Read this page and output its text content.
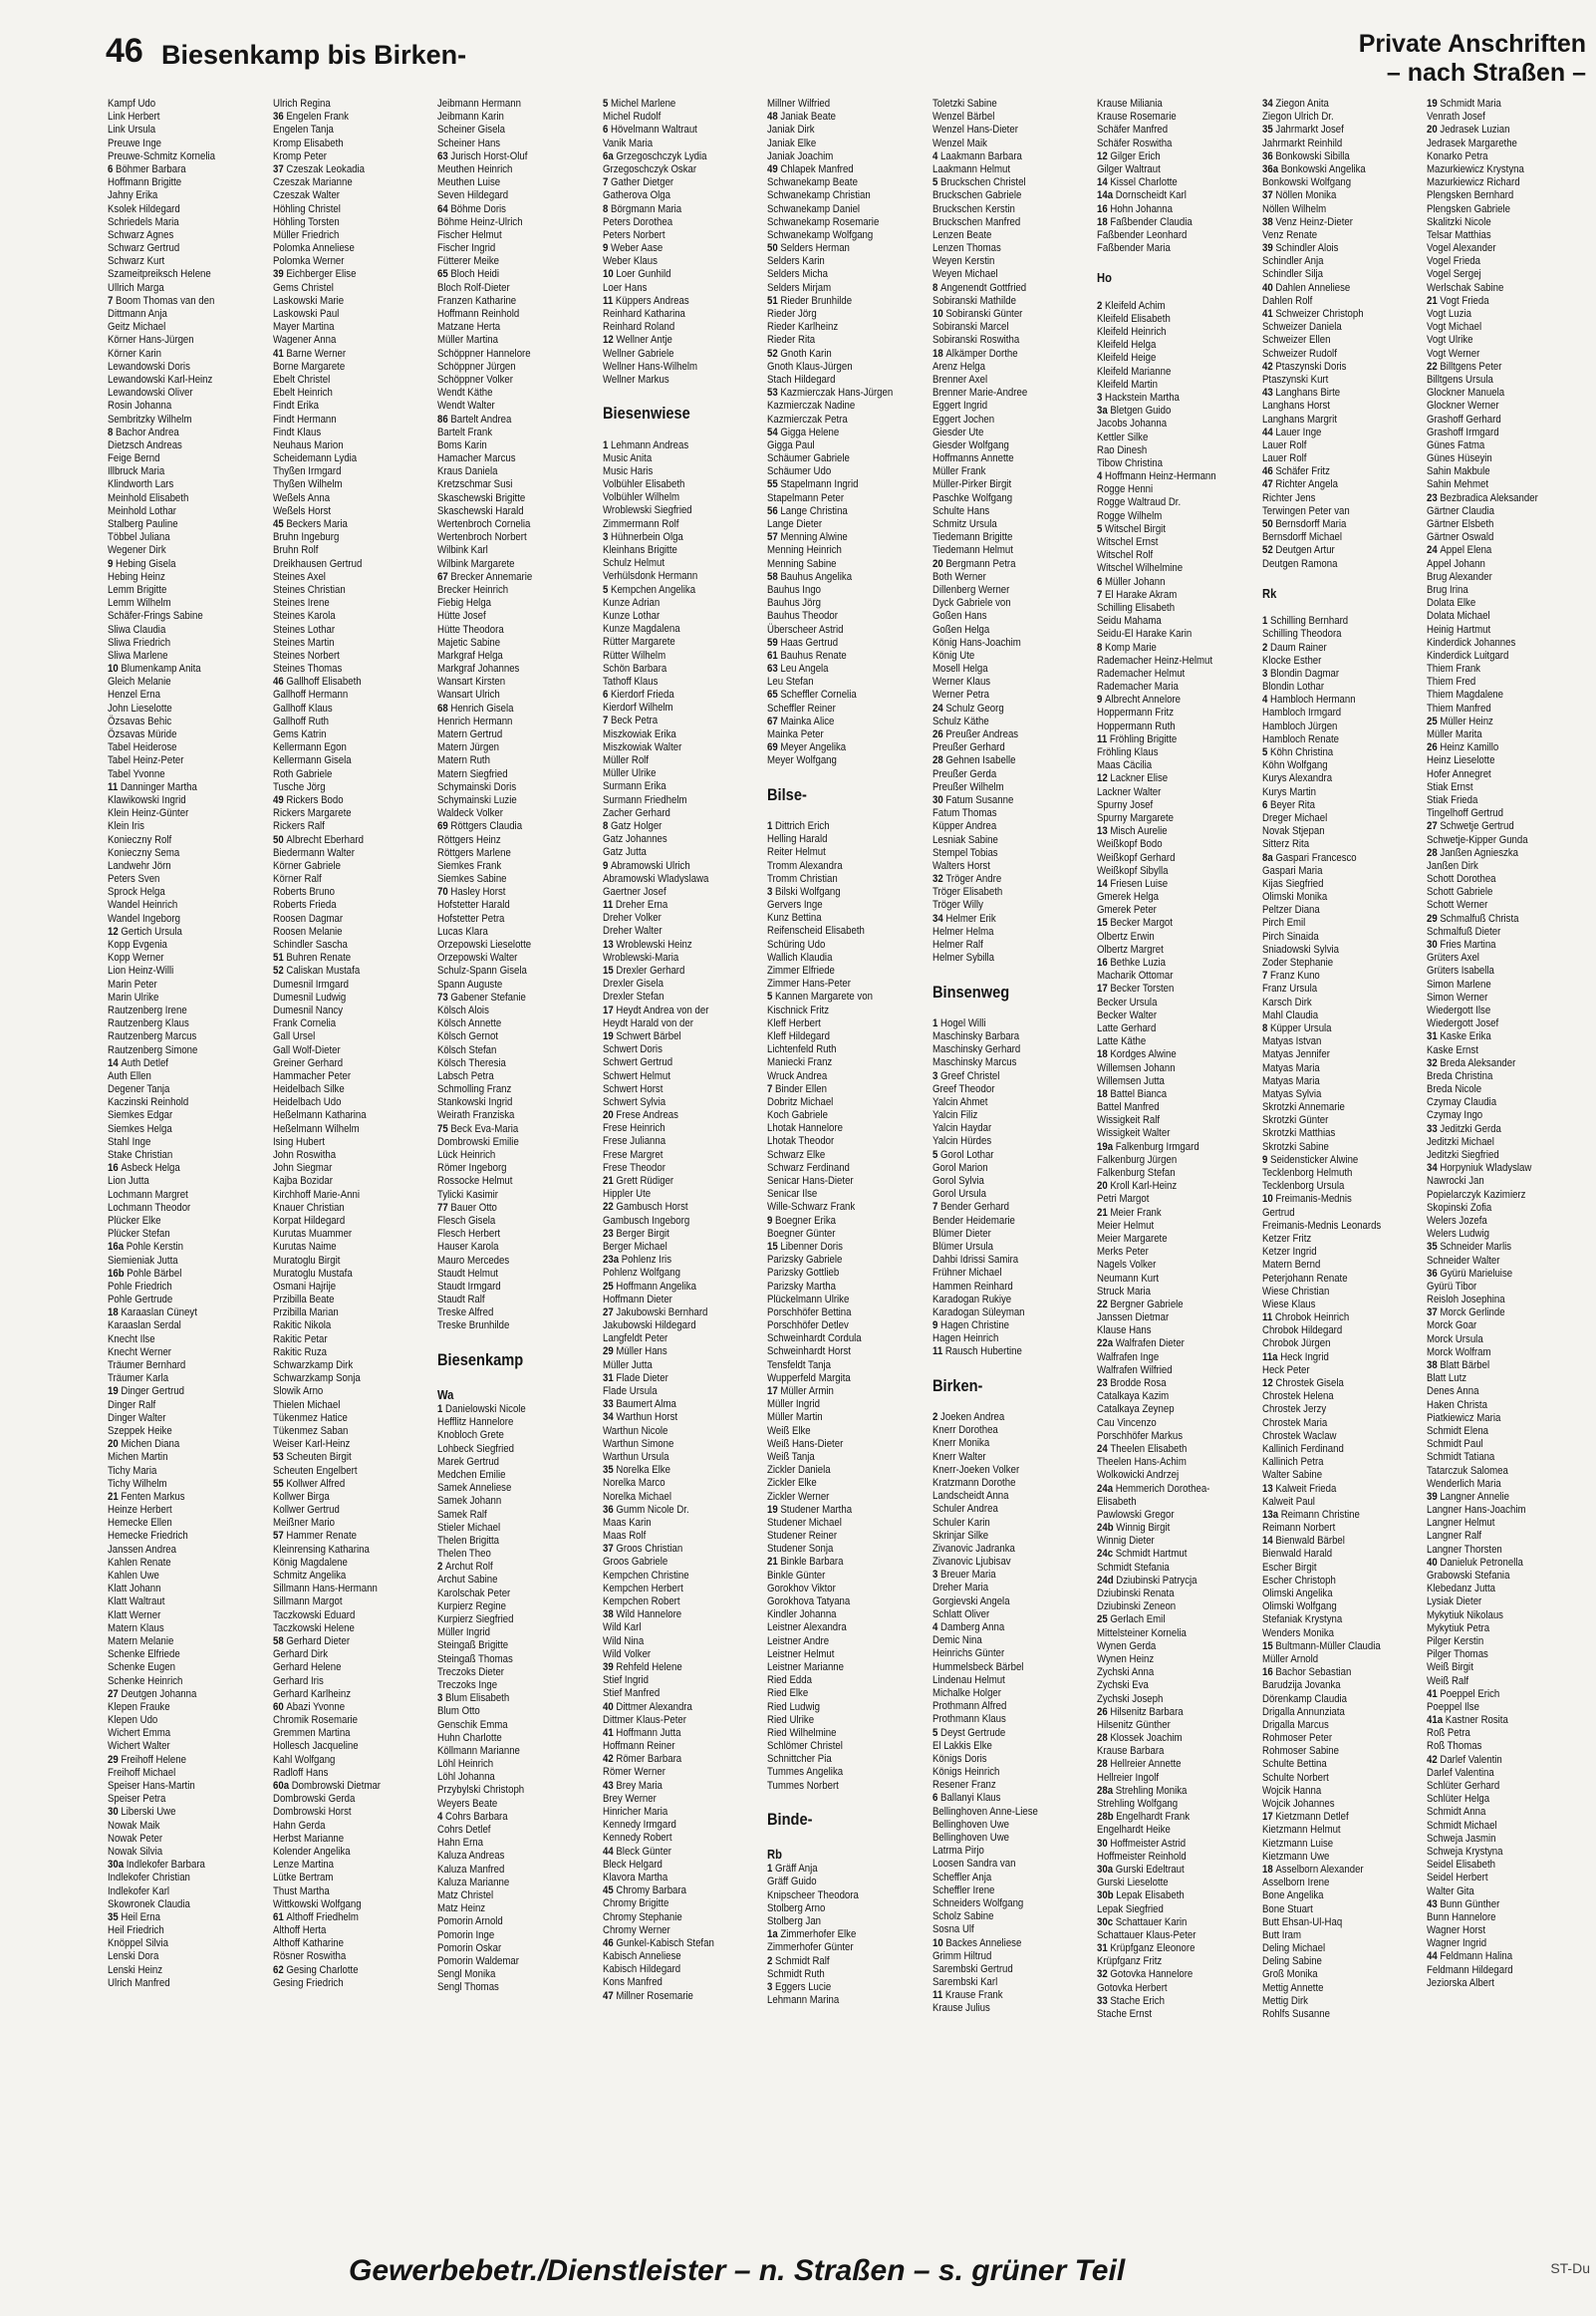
46 Biesenkamp bis Birken-	Private Anschriften
– nach Straßen –
Kampf Udo
Link Herbert
Link Ursula
Preuwe Inge
Preuwe-Schmitz Kornelia
6 Böhmer Barbara
Hoffmann Brigitte
Jahny Erika
Ksolek Hildegard
Schriedels Maria
Schwarz Agnes
Schwarz Gertrud
Schwarz Kurt
Szameitpreiksch Helene
Ullrich Marga
7 Boom Thomas van den
Dittmann Anja
Geitz Michael
Körner Hans-Jürgen
Körner Karin
Lewandowski Doris
Lewandowski Karl-Heinz
Lewandowski Oliver
Rosin Johanna
Sembritzky Wilhelm
8 Bachor Andrea
Dietzsch Andreas
Feige Bernd
Illbruck Maria
Klindworth Lars
Meinhold Elisabeth
Meinhold Lothar
Stalberg Pauline
Többel Juliana
Wegener Dirk
9 Hebing Gisela
Hebing Heinz
Lemm Brigitte
Lemm Wilhelm
Schäfer-Frings Sabine
Sliwa Claudia
Sliwa Friedrich
Sliwa Marlene
10 Blumenkamp Anita
Gleich Melanie
Henzel Erna
John Lieselotte
Özsavas Behic
Özsavas Müride
Tabel Heiderose
Tabel Heinz-Peter
Tabel Yvonne
11 Danninger Martha
Klawikowski Ingrid
Klein Heinz-Günter
Klein Iris
Konieczny Rolf
Konieczny Sema
Landwehr Jörn
Peters Sven
Sprock Helga
Wandel Heinrich
Wandel Ingeborg
12 Gertich Ursula
Kopp Evgenia
Kopp Werner
Lion Heinz-Willi
Marin Peter
Marin Ulrike
Rautzenberg Irene
Rautzenberg Klaus
Rautzenberg Marcus
Rautzenberg Simone
14 Auth Detlef
Auth Ellen
Degener Tanja
Kaczinski Reinhold
Siemkes Edgar
Siemkes Helga
Stahl Inge
Stake Christian
16 Asbeck Helga
Lion Jutta
Lochmann Margret
Lochmann Theodor
Plücker Elke
Plücker Stefan
16a Pohle Kerstin
Siemieniak Jutta
16b Pohle Bärbel
Pohle Friedrich
Pohle Gertrude
18 Karaaslan Cüneyt
Karaaslan Serdal
Knecht Ilse
Knecht Werner
Träumer Bernhard
Träumer Karla
19 Dinger Gertrud
Dinger Ralf
Dinger Walter
Szeppek Heike
20 Michen Diana
Michen Martin
Tichy Maria
Tichy Wilhelm
21 Fenten Markus
Heinze Herbert
Hemecke Ellen
Hemecke Friedrich
Janssen Andrea
Kahlen Renate
Kahlen Uwe
Klatt Johann
Klatt Waltraut
Klatt Werner
Matern Klaus
Matern Melanie
Schenke Elfriede
Schenke Eugen
Schenke Heinrich
27 Deutgen Johanna
Klepen Frauke
Klepen Udo
Wichert Emma
Wichert Walter
29 Freihoff Helene
Freihoff Michael
Speiser Hans-Martin
Speiser Petra
30 Liberski Uwe
Nowak Maik
Nowak Peter
Nowak Silvia
30a Indlekofer Barbara
Indlekofer Christian
Indlekofer Karl
Skowronek Claudia
35 Heil Erna
Heil Friedrich
Knöppel Silvia
Lenski Dora
Lenski Heinz
Ulrich Manfred
Ulrich Regina
36 Engelen Frank
Engelen Tanja
Kromp Elisabeth
Kromp Peter
37 Czeszak Leokadia
Czeszak Marianne
Czeszak Walter
Höhling Christel
Höhling Torsten
Müller Friedrich
Polomka Anneliese
Polomka Werner
39 Eichberger Elise
Gems Christel
Laskowski Marie
Laskowski Paul
Mayer Martina
Wagener Anna
41 Barne Werner
Borne Margarete
Ebelt Christel
Ebelt Heinrich
Findt Erika
Findt Hermann
Findt Klaus
Neuhaus Marion
Scheidemann Lydia
Thyßen Irmgard
Thyßen Wilhelm
Weßels Anna
Weßels Horst
45 Beckers Maria
Bruhn Ingeburg
Bruhn Rolf
Dreikhausen Gertrud
Steines Axel
Steines Christian
Steines Irene
Steines Karola
Steines Lothar
Steines Martin
Steines Norbert
Steines Thomas
46 Gallhoff Elisabeth
Gallhoff Hermann
Gallhoff Klaus
Gallhoff Ruth
Gems Katrin
Kellermann Egon
Kellermann Gisela
Roth Gabriele
Tusche Jörg
49 Rickers Bodo
Rickers Margarete
Rickers Ralf
50 Albrecht Eberhard
Biedermann Walter
Körner Gabriele
Körner Ralf
Roberts Bruno
Roberts Frieda
Roosen Dagmar
Roosen Melanie
Schindler Sascha
51 Buhren Renate
52 Caliskan Mustafa
Dumesnil Irmgard
Dumesnil Ludwig
Dumesnil Nancy
Frank Cornelia
Gall Ursel
Gall Wolf-Dieter
Greiner Gerhard
Hammacher Peter
Heidelbach Silke
Heidelbach Udo
Heßelmann Katharina
Heßelmann Wilhelm
Ising Hubert
John Roswitha
John Siegmar
Kajba Bozidar
Kirchhoff Marie-Anni
Knauer Christian
Korpat Hildegard
Kurutas Muammer
Kurutas Naime
Muratoglu Birgit
Muratoglu Mustafa
Osmani Hajrije
Przibilla Beate
Przibilla Marian
Rakitic Nikola
Rakitic Petar
Rakitic Ruza
Schwarzkamp Dirk
Schwarzkamp Sonja
Slowik Arno
Thielen Michael
Tükenmez Hatice
Tükenmez Saban
Weiser Karl-Heinz
53 Scheuten Birgit
Scheuten Engelbert
55 Kollwer Alfred
Kollwer Birga
Kollwer Gertrud
Meißner Mario
57 Hammer Renate
Kleinrensing Katharina
König Magdalene
Schmitz Angelika
Sillmann Hans-Hermann
Sillmann Margot
Taczkowski Eduard
Taczkowski Helene
58 Gerhard Dieter
Gerhard Dirk
Gerhard Helene
Gerhard Iris
Gerhard Karlheinz
60 Abazi Yvonne
Chromik Rosemarie
Gremmen Martina
Hollesch Jacqueline
Kahl Wolfgang
Radloff Hans
60a Dombrowski Dietmar
Dombrowski Gerda
Dombrowski Horst
Hahn Gerda
Herbst Marianne
Kolender Angelika
Lenze Martina
Lütke Bertram
Thust Martha
Wittkowski Wolfgang
61 Althoff Friedhelm
Althoff Herta
Althoff Katharine
Rösner Roswitha
62 Gesing Charlotte
Gesing Friedrich
Jeibmann Hermann
Jeibmann Karin
Scheiner Gisela
Scheiner Hans
63 Jurisch Horst-Oluf
Meuthen Heinrich
Meuthen Luise
Seven Hildegard
64 Böhme Doris
Böhme Heinz-Ulrich
Fischer Helmut
Fischer Ingrid
Fütterer Meike
65 Bloch Heidi
Bloch Rolf-Dieter
Franzen Katharine
Hoffmann Reinhold
Matzane Herta
Müller Martina
Schöppner Hannelore
Schöppner Jürgen
Schöppner Volker
Wendt Käthe
Wendt Walter
86 Bartelt Andrea
Bartelt Frank
Boms Karin
Hamacher Marcus
Kraus Daniela
Kretzschmar Susi
Skaschewski Brigitte
Skaschewski Harald
Wertenbroch Cornelia
Wertenbroch Norbert
Wilbink Karl
Wilbink Margarete
67 Brecker Annemarie
Brecker Heinrich
Fiebig Helga
Hütte Josef
Hütte Theodora
Majetic Sabine
Markgraf Helga
Markgraf Johannes
Wansart Kirsten
Wansart Ulrich
68 Henrich Gisela
Henrich Hermann
Matern Gertrud
Matern Jürgen
Matern Ruth
Matern Siegfried
Schymainski Doris
Schymainski Luzie
Waldeck Volker
69 Röttgers Claudia
Röttgers Heinz
Röttgers Marlene
Siemkes Frank
Siemkes Sabine
70 Hasley Horst
Hofstetter Harald
Hofstetter Petra
Lucas Klara
Orzepowski Lieselotte
Orzepowski Walter
Schulz-Spann Gisela
Spann Auguste
73 Gabener Stefanie
Kölsch Alois
Kölsch Annette
Kölsch Gernot
Kölsch Stefan
Kölsch Theresia
Labsch Petra
Schmolling Franz
Stankowski Ingrid
Weirath Franziska
75 Beck Eva-Maria
Dombrowski Emilie
Lück Heinrich
Römer Ingeborg
Rossocke Helmut
Tylicki Kasimir
77 Bauer Otto
Flesch Gisela
Flesch Herbert
Hauser Karola
Mauro Mercedes
Staudt Helmut
Staudt Irmgard
Staudt Ralf
Treske Alfred
Treske Brunhilde
Biesenkamp
Wa
1 Danielowski Nicole
Hefflitz Hannelore
Knobloch Grete
Lohbeck Siegfried
Marek Gertrud
Medchen Emilie
Samek Anneliese
Samek Johann
Samek Ralf
Stieler Michael
Thelen Brigitta
Thelen Theo
2 Archut Rolf
Archut Sabine
Karolschak Peter
Kurpierz Regine
Kurpierz Siegfried
Müller Ingrid
Steingaß Brigitte
Steingaß Thomas
Treczoks Dieter
Treczoks Inge
3 Blum Elisabeth
Blum Otto
Genschik Emma
Huhn Charlotte
Köllmann Marianne
Löhl Heinrich
Löhl Johanna
Przybylski Christoph
Weyers Beate
4 Cohrs Barbara
Cohrs Detlef
Hahn Erna
Kaluza Andreas
Kaluza Manfred
Kaluza Marianne
Matz Christel
Matz Heinz
Pomorin Arnold
Pomorin Inge
Pomorin Oskar
Pomorin Waldemar
Sengl Monika
Sengl Thomas
5 Michel Marlene
Michel Rudolf
6 Hövelmann Waltraut
Vanik Maria
6a Grzegoschczyk Lydia
Grzegoschczyk Oskar
7 Gather Dietger
Gatherova Olga
8 Börgmann Maria
Peters Dorothea
Peters Norbert
9 Weber Aase
Weber Klaus
10 Loer Gunhild
Loer Hans
11 Küppers Andreas
Reinhard Katharina
Reinhard Roland
12 Wellner Antje
Wellner Gabriele
Wellner Hans-Wilhelm
Wellner Markus
Biesenwiese
1 Lehmann Andreas
Music Anita
Music Haris
Volbühler Elisabeth
Volbühler Wilhelm
Wroblewski Siegfried
Zimmermann Rolf
3 Hühnerbein Olga
Kleinhans Brigitte
Schulz Helmut
Verhülsdonk Hermann
5 Kempchen Angelika
Kunze Adrian
Kunze Lothar
Kunze Magdalena
Rütter Margarete
Rütter Wilhelm
Schön Barbara
Tathoff Klaus
6 Kierdorf Frieda
Kierdorf Wilhelm
7 Beck Petra
Miszkowiak Erika
Miszkowiak Walter
Müller Rolf
Müller Ulrike
Surmann Erika
Surmann Friedhelm
Zacher Gerhard
8 Gatz Holger
Gatz Johannes
Gatz Jutta
9 Abramowski Ulrich
Abramowski Wladyslawa
Gaertner Josef
11 Dreher Erna
Dreher Volker
Dreher Walter
13 Wroblewski Heinz
Wroblewski-Maria
15 Drexler Gerhard
Drexler Gisela
Drexler Stefan
17 Heydt Andrea von der
Heydt Harald von der
19 Schwert Bärbel
Schwert Doris
Schwert Gertrud
Schwert Helmut
Schwert Horst
Schwert Sylvia
20 Frese Andreas
Frese Heinrich
Frese Julianna
Frese Margret
Frese Theodor
21 Grett Rüdiger
Hippler Ute
22 Gambusch Horst
Gambusch Ingeborg
23 Berger Birgit
Berger Michael
23a Pohlenz Iris
Pohlenz Wolfgang
25 Hoffmann Angelika
Hoffmann Dieter
27 Jakubowski Bernhard
Jakubowski Hildegard
Langfeldt Peter
29 Müller Hans
Müller Jutta
31 Flade Dieter
Flade Ursula
33 Baumert Alma
34 Warthun Horst
Warthun Nicole
Warthun Simone
Warthun Ursula
35 Norelka Elke
Norelka Marco
Norelka Michael
36 Gumm Nicole Dr.
Maas Karin
Maas Rolf
37 Groos Christian
Groos Gabriele
Kempchen Christine
Kempchen Herbert
Kempchen Robert
38 Wild Hannelore
Wild Karl
Wild Nina
Wild Volker
39 Rehfeld Helene
Stief Ingrid
Stief Manfred
40 Dittmer Alexandra
Dittmer Klaus-Peter
41 Hoffmann Jutta
Hoffmann Reiner
42 Römer Barbara
Römer Werner
43 Brey Maria
Brey Werner
Hinricher Maria
Kennedy Irmgard
Kennedy Robert
44 Bleck Günter
Bleck Helgard
Klavora Martha
45 Chromy Barbara
Chromy Brigitte
Chromy Stephanie
Chromy Werner
46 Gunkel-Kabisch Stefan
Kabisch Anneliese
Kabisch Hildegard
Kons Manfred
47 Millner Rosemarie
Millner Wilfried
48 Janiak Beate
Janiak Dirk
Janiak Elke
Janiak Joachim
49 Chlapek Manfred
Schwanekamp Beate
Schwanekamp Christian
Schwanekamp Daniel
Schwanekamp Rosemarie
Schwanekamp Wolfgang
50 Selders Herman
Selders Karin
Selders Micha
Selders Mirjam
51 Rieder Brunhilde
Rieder Jörg
Rieder Karlheinz
Rieder Rita
52 Gnoth Karin
Gnoth Klaus-Jürgen
Stach Hildegard
53 Kazmierczak Hans-Jürgen
Kazmierczak Nadine
Kazmierczak Petra
54 Gigga Helene
Gigga Paul
Schäumer Gabriele
Schäumer Udo
55 Stapelmann Ingrid
Stapelmann Peter
56 Lange Christina
Lange Dieter
57 Menning Alwine
Menning Heinrich
Menning Sabine
58 Bauhus Angelika
Bauhus Ingo
Bauhus Jörg
Bauhus Theodor
Überscheer Astrid
59 Haas Gertrud
61 Bauhus Renate
63 Leu Angela
Leu Stefan
65 Scheffler Cornelia
Scheffler Reiner
67 Mainka Alice
Mainka Peter
69 Meyer Angelika
Meyer Wolfgang
Bilse-
1 Dittrich Erich
Helling Harald
Reiter Helmut
Tromm Alexandra
Tromm Christian
3 Bilski Wolfgang
Gervers Inge
Kunz Bettina
Reifenscheid Elisabeth
Schüring Udo
Wallich Klaudia
Zimmer Elfriede
Zimmer Hans-Peter
5 Kannen Margarete von
Kischnick Fritz
Kleff Herbert
Kleff Hildegard
Lichtenfeld Ruth
Maniecki Franz
Wruck Andrea
7 Binder Ellen
Dobritz Michael
Koch Gabriele
Lhotak Hannelore
Lhotak Theodor
Schwarz Elke
Schwarz Ferdinand
Senicar Hans-Dieter
Senicar Ilse
Wille-Schwarz Frank
9 Boegner Erika
Boegner Günter
15 Libenner Doris
Parizsky Gabriele
Parizsky Gottlieb
Parizsky Martha
Plückelmann Ulrike
Porschhöfer Bettina
Porschhöfer Detlev
Schweinhardt Cordula
Schweinhardt Horst
Tensfeldt Tanja
Wupperfeld Margita
17 Müller Armin
Müller Ingrid
Müller Martin
Weiß Elke
Weiß Hans-Dieter
Weiß Tanja
Zickler Daniela
Zickler Elke
Zickler Werner
19 Studener Martha
Studener Michael
Studener Reiner
Studener Sonja
21 Binkle Barbara
Binkle Günter
Gorokhov Viktor
Gorokhova Tatyana
Kindler Johanna
Leistner Alexandra
Leistner Andre
Leistner Helmut
Leistner Marianne
Ried Edda
Ried Elke
Ried Ludwig
Ried Ulrike
Ried Wilhelmine
Schlömer Christel
Schnittcher Pia
Tummes Angelika
Tummes Norbert
Binde-
Rb
1 Gräff Anja
Gräff Guido
Knipscheer Theodora
Stolberg Arno
Stolberg Jan
1a Zimmerhofer Elke
Zimmerhofer Günter
2 Schmidt Ralf
Schmidt Ruth
3 Eggers Lucie
Lehmann Marina
Toletzki Sabine
Wenzel Bärbel
Wenzel Hans-Dieter
Wenzel Maik
4 Laakmann Barbara
Laakmann Helmut
5 Bruckschen Christel
Bruckschen Gabriele
Bruckschen Kerstin
Bruckschen Manfred
Lenzen Beate
Lenzen Thomas
Weyen Kerstin
Weyen Michael
8 Angenendt Gottfried
Sobiranski Mathilde
10 Sobiranski Günter
Sobiranski Marcel
Sobiranski Roswitha
18 Alkämper Dorthe
Arenz Helga
Brenner Axel
Brenner Marie-Andree
Eggert Ingrid
Eggert Jochen
Giesder Ute
Giesder Wolfgang
Hoffmanns Annette
Müller Frank
Müller-Pirker Birgit
Paschke Wolfgang
Schulte Hans
Schmitz Ursula
Tiedemann Brigitte
Tiedemann Helmut
20 Bergmann Petra
Both Werner
Dillenberg Werner
Dyck Gabriele von
Goßen Hans
Goßen Helga
König Hans-Joachim
König Ute
Mosell Helga
Werner Klaus
Werner Petra
24 Schulz Georg
Schulz Käthe
26 Preußer Andreas
Preußer Gerhard
28 Gehnen Isabelle
Preußer Gerda
Preußer Wilhelm
30 Fatum Susanne
Fatum Thomas
Küpper Andrea
Lesniak Sabine
Stempel Tobias
Walters Horst
32 Tröger Andre
Tröger Elisabeth
Tröger Willy
34 Helmer Erik
Helmer Helma
Helmer Ralf
Helmer Sybilla
Binsenweg
1 Hogel Willi
Maschinsky Barbara
Maschinsky Gerhard
Maschinsky Marcus
3 Greef Christel
Greef Theodor
Yalcin Ahmet
Yalcin Filiz
Yalcin Haydar
Yalcin Hürdes
5 Gorol Lothar
Gorol Marion
Gorol Sylvia
Gorol Ursula
7 Bender Gerhard
Bender Heidemarie
Blümer Dieter
Blümer Ursula
Dahbi Idrissi Samira
Frühner Michael
Hammen Reinhard
Karadogan Rukiye
Karadogan Süleyman
9 Hagen Christine
Hagen Heinrich
11 Rausch Hubertine
Birken-
2 Joeken Andrea
Knerr Dorothea
Knerr Monika
Knerr Walter
Knerr-Joeken Volker
Kratzmann Dorothe
Landscheidt Anna
Schuler Andrea
Schuler Karin
Skrinjar Silke
Zivanovic Jadranka
Zivanovic Ljubisav
3 Breuer Maria
Dreher Maria
Gorgievski Angela
Schlatt Oliver
4 Damberg Anna
Demic Nina
Heinrichs Günter
Hummelsbeck Bärbel
Lindenau Helmut
Michalke Holger
Prothmann Alfred
Prothmann Klaus
5 Deyst Gertrude
El Lakkis Elke
Königs Doris
Königs Heinrich
Resener Franz
6 Ballanyi Klaus
Bellinghoven Anne-Liese
Bellinghoven Uwe
Bellinghoven Uwe
Latrma Pirjo
Loosen Sandra van
Scheffler Anja
Scheffler Irene
Schneiders Wolfgang
Scholz Sabine
Sosna Ulf
10 Backes Anneliese
Grimm Hiltrud
Sarembski Gertrud
Sarembski Karl
11 Krause Frank
Krause Julius
Krause Miliania
Krause Rosemarie
Schäfer Manfred
Schäfer Roswitha
12 Gilger Erich
Gilger Waltraut
14 Kissel Charlotte
14a Dornscheidt Karl
16 Hohn Johanna
18 Faßbender Claudia
Faßbender Leonhard
Faßbender Maria
Ho
2 Kleifeld Achim
Kleifeld Elisabeth
Kleifeld Heinrich
Kleifeld Helga
Kleifeld Heige
Kleifeld Marianne
Kleifeld Martin
3 Hackstein Martha
3a Bletgen Guido
Jacobs Johanna
Kettler Silke
Rao Dinesh
Tibow Christina
4 Hoffmann Heinz-Hermann
Rogge Henni
Rogge Waltraud Dr.
Rogge Wilhelm
5 Witschel Birgit
Witschel Ernst
Witschel Rolf
Witschel Wilhelmine
6 Müller Johann
7 El Harake Akram
Schilling Elisabeth
Seidu Mahama
Seidu-El Harake Karin
8 Komp Marie
Rademacher Heinz-Helmut
Rademacher Helmut
Rademacher Maria
9 Albrecht Annelore
Hoppermann Fritz
Hoppermann Ruth
11 Fröhling Brigitte
Fröhling Klaus
Maas Cäcilia
12 Lackner Elise
Lackner Walter
Spurny Josef
Spurny Margarete
13 Misch Aurelie
Weißkopf Bodo
Weißkopf Gerhard
Weißkopf Sibylla
14 Friesen Luise
Gmerek Helga
Gmerek Peter
15 Becker Margot
Olbertz Erwin
Olbertz Margret
16 Bethke Luzia
Macharik Ottomar
17 Becker Torsten
Becker Ursula
Becker Walter
Latte Gerhard
Latte Käthe
18 Kordges Alwine
Willemsen Johann
Willemsen Jutta
18 Battel Bianca
Battel Manfred
Wissigkeit Ralf
Wissigkeit Walter
19a Falkenburg Irmgard
Falkenburg Jürgen
Falkenburg Stefan
20 Kroll Karl-Heinz
Petri Margot
21 Meier Frank
Meier Helmut
Meier Margarete
Merks Peter
Nagels Volker
Neumann Kurt
Struck Maria
22 Bergner Gabriele
Janssen Dietmar
Klause Hans
22a Walfrafen Dieter
Walfrafen Inge
Walfrafen Wilfried
23 Brodde Rosa
Catalkaya Kazim
Catalkaya Zeynep
Cau Vincenzo
Porschhöfer Markus
24 Theelen Elisabeth
Theelen Hans-Achim
Wolkowicki Andrzej
24a Hemmerich Dorothea-
Elisabeth
Pawlowski Gregor
24b Winnig Birgit
Winnig Dieter
24c Schmidt Hartmut
Schmidt Stefania
24d Dziubinski Patrycja
Dziubinski Renata
Dziubinski Zeneon
25 Gerlach Emil
Mittelsteiner Kornelia
Wynen Gerda
Wynen Heinz
Zychski Anna
Zychski Eva
Zychski Joseph
26 Hilsenitz Barbara
Hilsenitz Günther
28 Klossek Joachim
Krause Barbara
28 Hellreier Annette
Hellreier Ingolf
28a Strehling Monika
Strehling Wolfgang
28b Engelhardt Frank
Engelhardt Heike
30 Hoffmeister Astrid
Hoffmeister Reinhold
30a Gurski Edeltraut
Gurski Lieselotte
30b Lepak Elisabeth
Lepak Siegfried
30c Schattauer Karin
Schattauer Klaus-Peter
31 Krüpfganz Eleonore
Krüpfganz Fritz
32 Gotovka Hannelore
Gotovka Herbert
33 Stache Erich
Stache Ernst
34 Ziegon Anita
Ziegon Ulrich Dr.
35 Jahrmarkt Josef
Jahrmarkt Reinhild
36 Bonkowski Sibilla
36a Bonkowski Angelika
Bonkowski Wolfgang
37 Nöllen Monika
Nöllen Wilhelm
38 Venz Heinz-Dieter
Venz Renate
39 Schindler Alois
Schindler Anja
Schindler Silja
40 Dahlen Anneliese
Dahlen Rolf
41 Schweizer Christoph
Schweizer Daniela
Schweizer Ellen
Schweizer Rudolf
42 Ptaszynski Doris
Ptaszynski Kurt
43 Langhans Birte
Langhans Horst
Langhans Margrit
44 Lauer Inge
Lauer Rolf
Lauer Rolf
46 Schäfer Fritz
47 Richter Angela
Richter Jens
Terwingen Peter van
50 Bernsdorff Maria
Bernsdorff Michael
52 Deutgen Artur
Deutgen Ramona
Rk
1 Schilling Bernhard
Schilling Theodora
2 Daum Rainer
Klocke Esther
3 Blondin Dagmar
Blondin Lothar
4 Hambloch Hermann
Hambloch Irmgard
Hambloch Jürgen
Hambloch Renate
5 Köhn Christina
Köhn Wolfgang
Kurys Alexandra
Kurys Martin
6 Beyer Rita
Dreger Michael
Novak Stjepan
Sitterz Rita
8a Gaspari Francesco
Gaspari Maria
Kijas Siegfried
Olimski Monika
Peltzer Diana
Pirch Emil
Pirch Sinaida
Sniadowski Sylvia
Zoder Stephanie
7 Franz Kuno
Franz Ursula
Karsch Dirk
Mahl Claudia
8 Küpper Ursula
Matyas Istvan
Matyas Jennifer
Matyas Maria
Matyas Maria
Matyas Sylvia
Skrotzki Annemarie
Skrotzki Günter
Skrotzki Matthias
Skrotzki Sabine
9 Seidensticker Alwine
Tecklenborg Helmuth
Tecklenborg Ursula
10 Freimanis-Mednis
Gertrud
Freimanis-Mednis Leonards
Ketzer Fritz
Ketzer Ingrid
Matern Bernd
Peterjohann Renate
Wiese Christian
Wiese Klaus
11 Chrobok Heinrich
Chrobok Hildegard
Chrobok Jürgen
11a Heck Ingrid
Heck Peter
12 Chrostek Gisela
Chrostek Helena
Chrostek Jerzy
Chrostek Maria
Chrostek Waclaw
Kallinich Ferdinand
Kallinich Petra
Walter Sabine
13 Kalweit Frieda
Kalweit Paul
13a Reimann Christine
Reimann Norbert
14 Bienwald Bärbel
Bienwald Harald
Escher Birgit
Escher Christoph
Olimski Angelika
Olimski Wolfgang
Stefaniak Krystyna
Wenders Monika
15 Bultmann-Müller Claudia
Müller Arnold
16 Bachor Sebastian
Barudzija Jovanka
Dörenkamp Claudia
Drigalla Annunziata
Drigalla Marcus
Rohmoser Peter
Rohmoser Sabine
Schulte Bettina
Schulte Norbert
Wojcik Hanna
Wojcik Johannes
17 Kietzmann Detlef
Kietzmann Helmut
Kietzmann Luise
Kietzmann Uwe
18 Asselborn Alexander
Asselborn Irene
Bone Angelika
Bone Stuart
Butt Ehsan-Ul-Haq
Butt Iram
Deling Michael
Deling Sabine
Groß Monika
Mettig Annette
Mettig Dirk
Rohlfs Susanne
19 Schmidt Maria
Venrath Josef
20 Jedrasek Luzian
Jedrasek Margarethe
Konarko Petra
Mazurkiewicz Krystyna
Mazurkiewicz Richard
Plengsken Bernhard
Plengsken Gabriele
Skalitzki Nicole
Telsar Matthias
Vogel Alexander
Vogel Frieda
Vogel Sergej
Werlschak Sabine
21 Vogt Frieda
Vogt Luzia
Vogt Michael
Vogt Ulrike
Vogt Werner
22 Billtgens Peter
Billtgens Ursula
Glockner Manuela
Glockner Werner
Grashoff Gerhard
Grashoff Irmgard
Günes Fatma
Günes Hüseyin
Sahin Makbule
Sahin Mehmet
23 Bezbradica Aleksander
Gärtner Claudia
Gärtner Elsbeth
Gärtner Oswald
24 Appel Elena
Appel Johann
Brug Alexander
Brug Irina
Dolata Elke
Dolata Michael
Heinig Hartmut
Kinderdick Johannes
Kinderdick Luitgard
Thiem Frank
Thiem Fred
Thiem Magdalene
Thiem Manfred
25 Müller Heinz
Müller Marita
26 Heinz Kamillo
Heinz Lieselotte
Hofer Annegret
Stiak Ernst
Stiak Frieda
Tingelhoff Gertrud
27 Schwetje Gertrud
Schwetje-Kipper Gunda
28 Janßen Agnieszka
Janßen Dirk
Schott Dorothea
Schott Gabriele
Schott Werner
29 Schmalfuß Christa
Schmalfuß Dieter
30 Fries Martina
Grüters Axel
Grüters Isabella
Simon Marlene
Simon Werner
Wiedergott Ilse
Wiedergott Josef
31 Kaske Erika
Kaske Ernst
32 Breda Aleksander
Breda Christina
Breda Nicole
Czymay Claudia
Czymay Ingo
33 Jeditzki Gerda
Jeditzki Michael
Jeditzki Siegfried
34 Horpyniuk Wladyslaw
Nawrocki Jan
Popielarczyk Kazimierz
Skopinski Zofia
Welers Jozefa
Welers Ludwig
35 Schneider Marlis
Schneider Walter
36 Gyürü Marieluise
Gyürü Tibor
Reisloh Josephina
37 Morck Gerlinde
Morck Goar
Morck Ursula
Morck Wolfram
38 Blatt Bärbel
Blatt Lutz
Denes Anna
Haken Christa
Piatkiewicz Maria
Schmidt Elena
Schmidt Paul
Schmidt Tatiana
Tatarczuk Salomea
Wenderlich Maria
39 Langner Annelie
Langner Hans-Joachim
Langner Helmut
Langner Ralf
Langner Thorsten
40 Danieluk Petronella
Grabowski Stefania
Klebedanz Jutta
Lysiak Dieter
Mykytiuk Nikolaus
Mykytiuk Petra
Pilger Kerstin
Pilger Thomas
Weiß Birgit
Weiß Ralf
41 Poeppel Erich
Poeppel Ilse
41a Kastner Rosita
Roß Petra
Roß Thomas
42 Darlef Valentin
Darlef Valentina
Schlüter Gerhard
Schlüter Helga
Schmidt Anna
Schmidt Michael
Schweja Jasmin
Schweja Krystyna
Seidel Elisabeth
Seidel Herbert
Walter Gita
43 Bunn Günther
Bunn Hannelore
Wagner Horst
Wagner Ingrid
44 Feldmann Halina
Feldmann Hildegard
Jeziorska Albert
Gewerbebetr./Dienstleister – n. Straßen – s. grüner Teil	ST-Du
